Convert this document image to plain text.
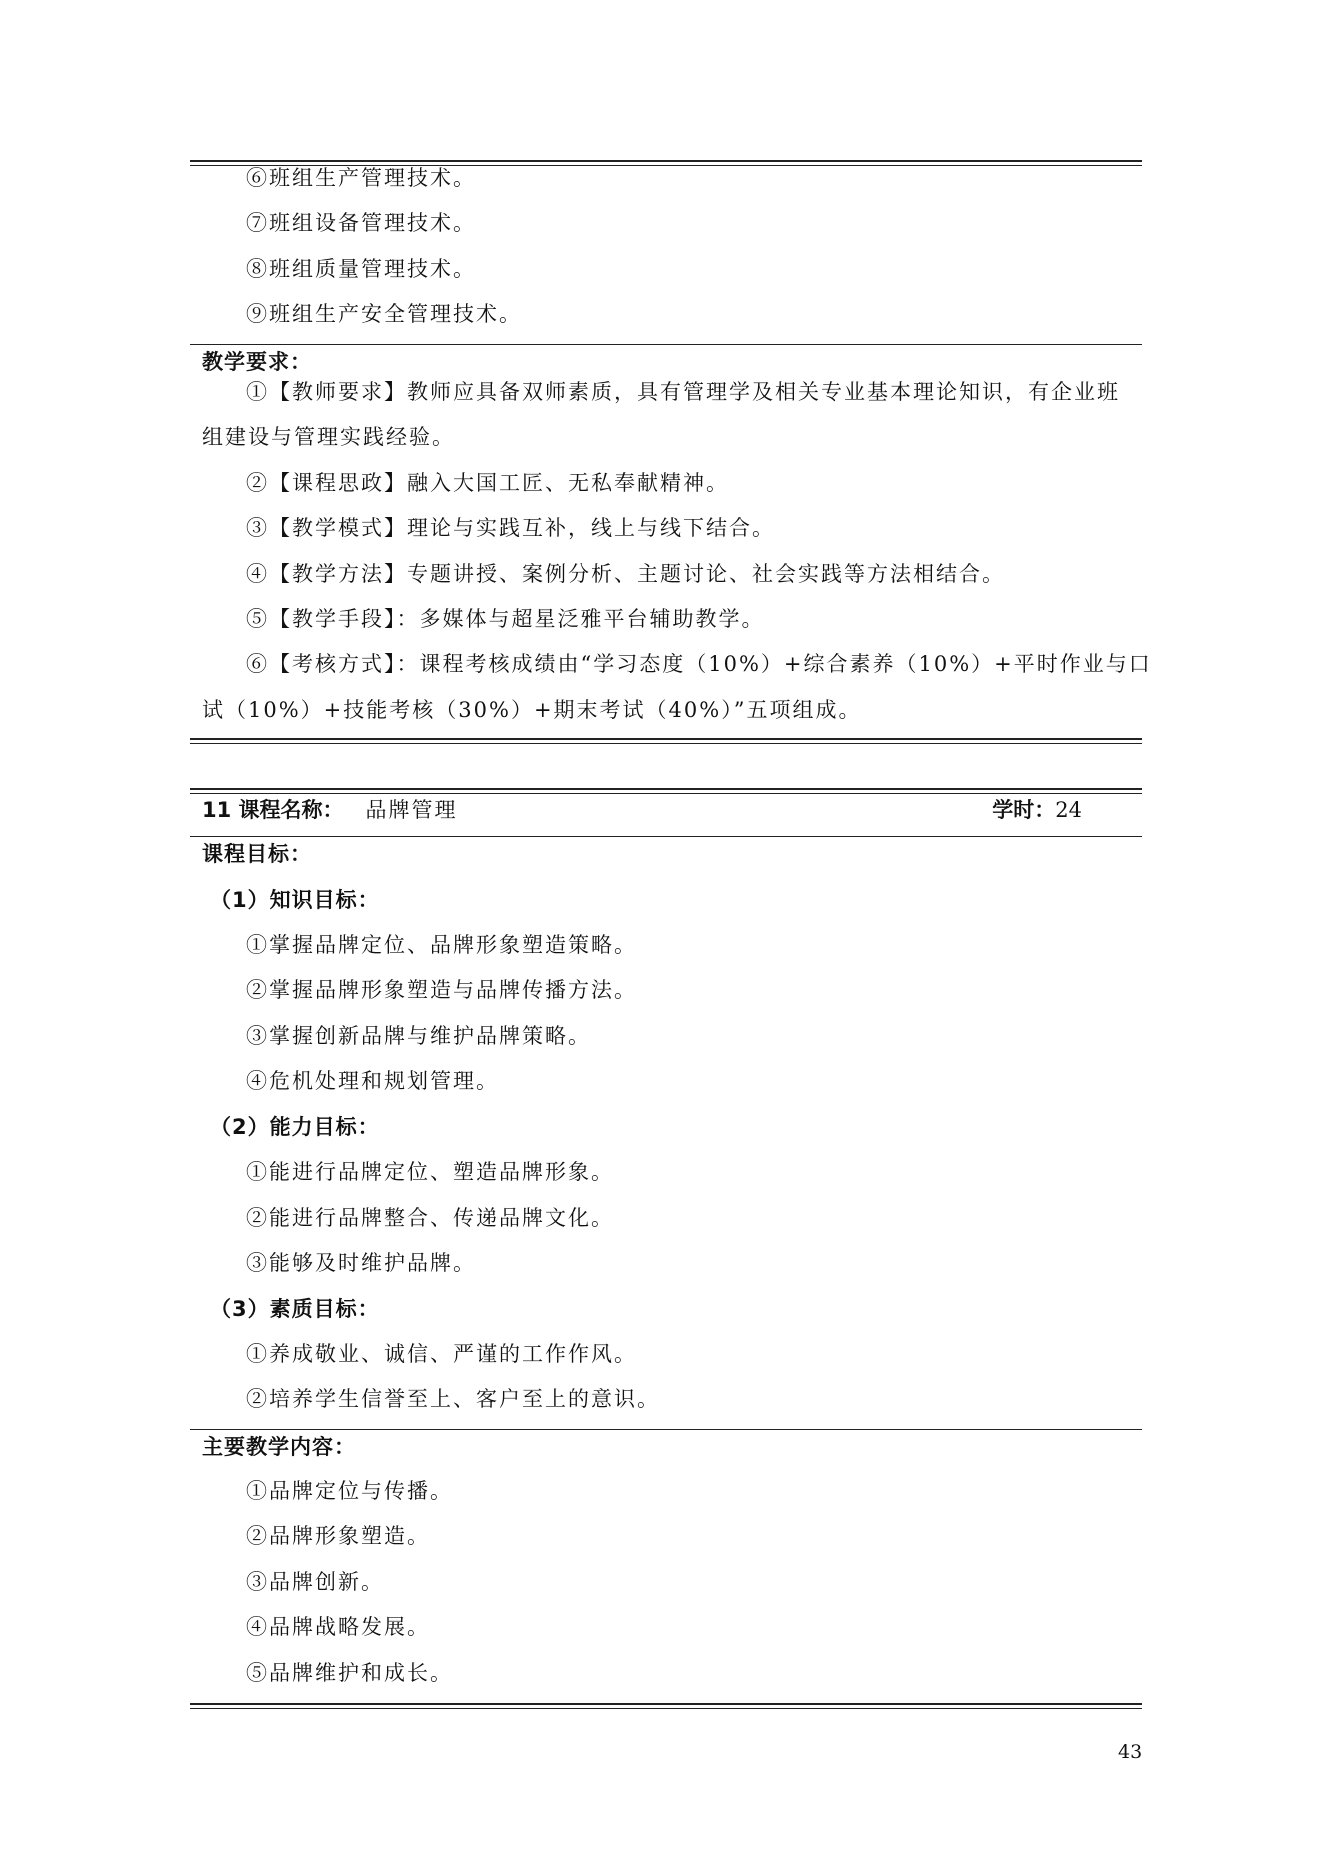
⑥班组生产管理技术。
⑦班组设备管理技术。
⑧班组质量管理技术。
⑨班组生产安全管理技术。
教学要求：
①【教师要求】教师应具备双师素质，具有管理学及相关专业基本理论知识，有企业班
组建设与管理实践经验。
②【课程思政】融入大国工匠、无私奉献精神。
③【教学模式】理论与实践互补，线上与线下结合。
④【教学方法】专题讲授、案例分析、主题讨论、社会实践等方法相结合。
⑤【教学手段】：多媒体与超星泛雅平台辅助教学。
⑥【考核方式】：课程考核成绩由“学习态度（10%）+综合素养（10%）+平时作业与口
试（10%）+技能考核（30%）+期末考试（40%）”五项组成。
11 课程名称： 品牌管理	学时：24
课程目标：
（1）知识目标：
①掌握品牌定位、品牌形象塑造策略。
②掌握品牌形象塑造与品牌传播方法。
③掌握创新品牌与维护品牌策略。
④危机处理和规划管理。
（2）能力目标：
①能进行品牌定位、塑造品牌形象。
②能进行品牌整合、传递品牌文化。
③能够及时维护品牌。
（3）素质目标：
①养成敬业、诚信、严谨的工作作风。
②培养学生信誉至上、客户至上的意识。
主要教学内容：
①品牌定位与传播。
②品牌形象塑造。
③品牌创新。
④品牌战略发展。
⑤品牌维护和成长。
43
